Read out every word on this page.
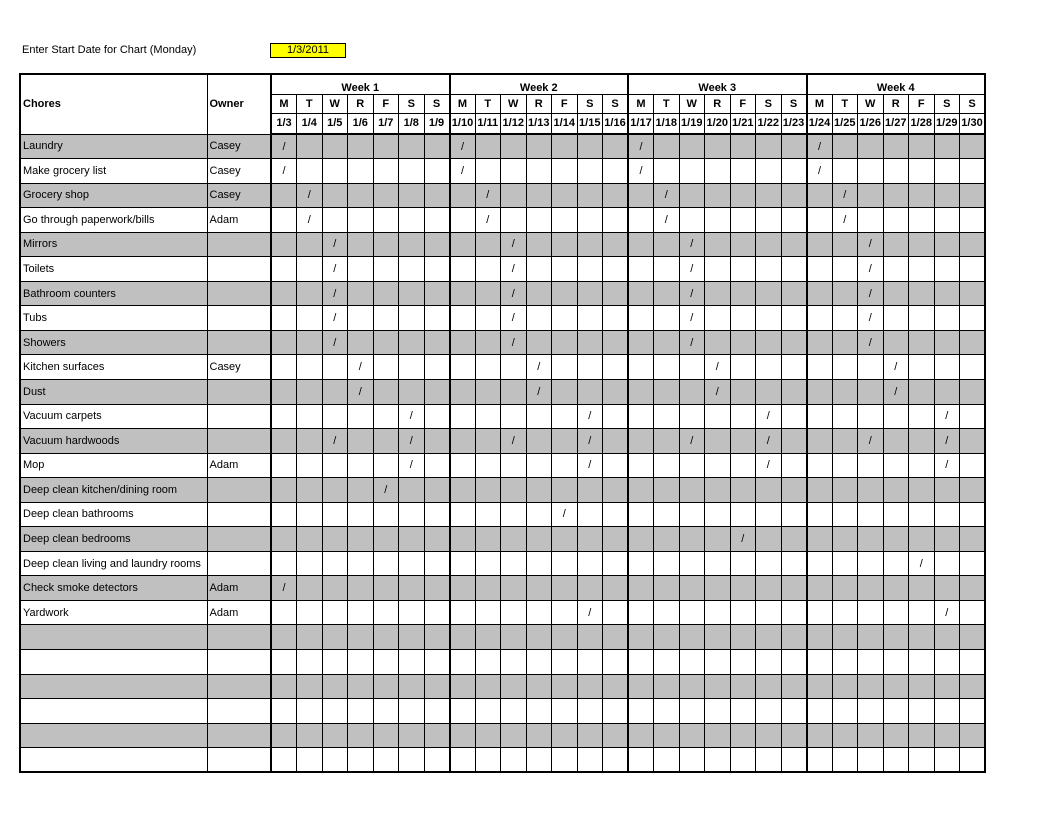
Enter Start Date for Chart (Monday)	1/3/2011
Chores	Owner	Week 1							Week 2							Week 3							Week 4						
		M	T	W	R	F	S	S	M	T	W	R	F	S	S	M	T	W	R	F	S	S	M	T	W	R	F	S	S
		1/3	1/4	1/5	1/6	1/7	1/8	1/9	1/10	1/11	1/12	1/13	1/14	1/15	1/16	1/17	1/18	1/19	1/20	1/21	1/22	1/23	1/24	1/25	1/26	1/27	1/28	1/29	1/30
Laundry	Casey	/							/							/							/						
Make grocery list	Casey	/							/							/							/						
Grocery shop	Casey		/							/							/							/					
Go through paperwork/bills	Adam		/							/							/							/					
Mirrors				/							/							/							/				
Toilets				/							/							/							/				
Bathroom counters				/							/							/							/				
Tubs				/							/							/							/				
Showers				/							/							/							/				
Kitchen surfaces	Casey				/							/							/							/			
Dust					/							/							/							/			
Vacuum carpets							/							/							/							/	
Vacuum hardwoods				/			/				/			/				/			/				/			/	
Mop	Adam						/							/							/							/	
Deep clean kitchen/dining room						/																							
Deep clean bathrooms													/																
Deep clean bedrooms																				/									
Deep clean living and laundry rooms																											/		
Check smoke detectors	Adam	/																											
Yardwork	Adam													/														/	
